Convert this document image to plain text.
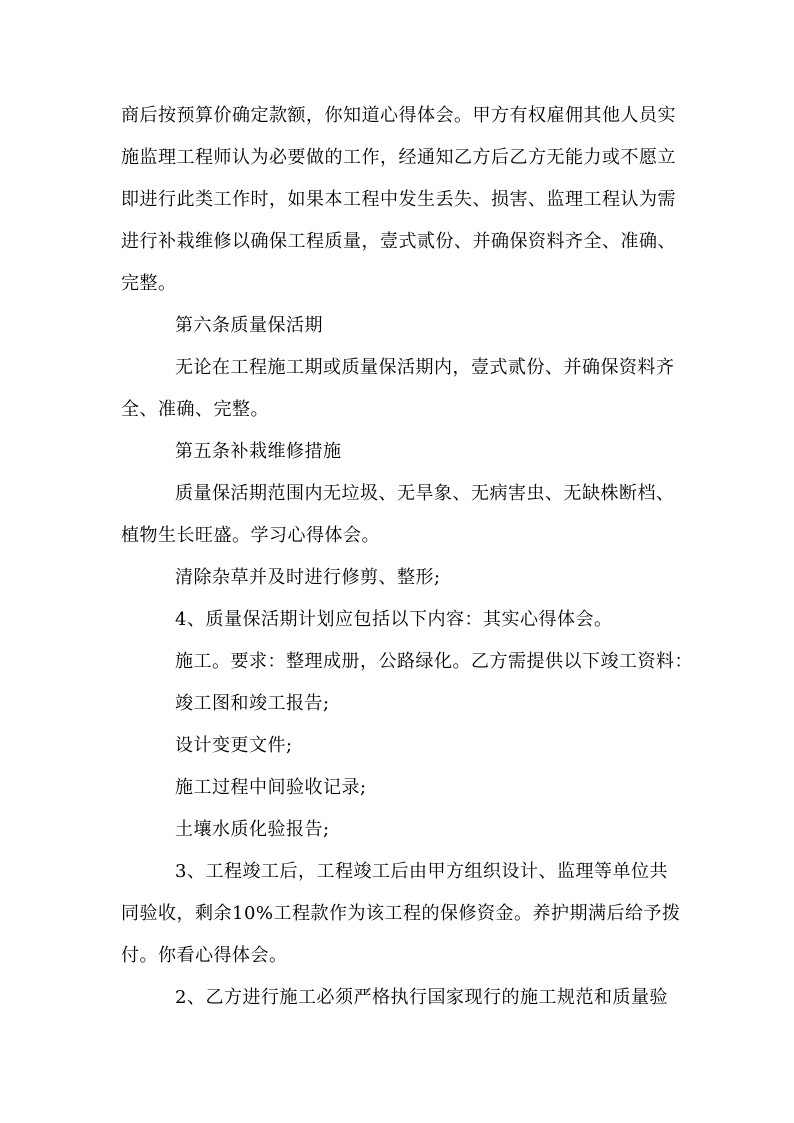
商后按预算价确定款额，你知道心得体会。甲方有权雇佣其他人员实
施监理工程师认为必要做的工作，经通知乙方后乙方无能力或不愿立
即进行此类工作时，如果本工程中发生丢失、损害、监理工程认为需
进行补栽维修以确保工程质量，壹式贰份、并确保资料齐全、准确、
完整。
第六条质量保活期
无论在工程施工期或质量保活期内，壹式贰份、并确保资料齐
全、准确、完整。
第五条补栽维修措施
质量保活期范围内无垃圾、无旱象、无病害虫、无缺株断档、
植物生长旺盛。学习心得体会。
清除杂草并及时进行修剪、整形;
4、质量保活期计划应包括以下内容：其实心得体会。
施工。要求：整理成册，公路绿化。乙方需提供以下竣工资料：
竣工图和竣工报告;
设计变更文件;
施工过程中间验收记录;
土壤水质化验报告;
3、工程竣工后，工程竣工后由甲方组织设计、监理等单位共
同验收，剩余10%工程款作为该工程的保修资金。养护期满后给予拨
付。你看心得体会。
2、乙方进行施工必须严格执行国家现行的施工规范和质量验
